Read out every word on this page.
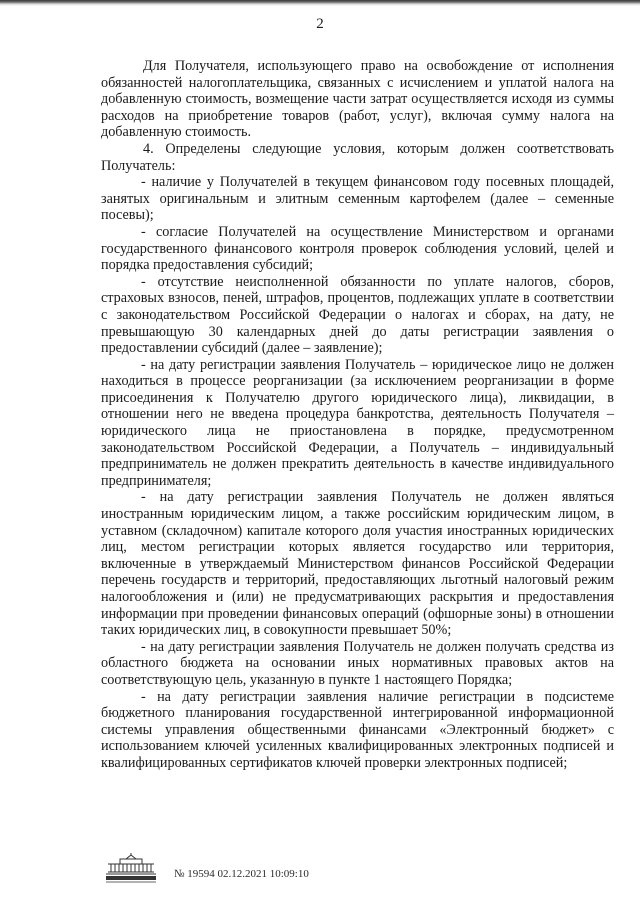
2

Для Получателя, использующего право на освобождение от исполнения обязанностей налогоплательщика, связанных с исчислением и уплатой налога на добавленную стоимость, возмещение части затрат осуществляется исходя из суммы расходов на приобретение товаров (работ, услуг), включая сумму налога на добавленную стоимость.

4. Определены следующие условия, которым должен соответствовать Получатель:

- наличие у Получателей в текущем финансовом году посевных площадей, занятых оригинальным и элитным семенным картофелем (далее – семенные посевы);

- согласие Получателей на осуществление Министерством и органами государственного финансового контроля проверок соблюдения условий, целей и порядка предоставления субсидий;

- отсутствие неисполненной обязанности по уплате налогов, сборов, страховых взносов, пеней, штрафов, процентов, подлежащих уплате в соответствии с законодательством Российской Федерации о налогах и сборах, на дату, не превышающую 30 календарных дней до даты регистрации заявления о предоставлении субсидий (далее – заявление);

- на дату регистрации заявления Получатель – юридическое лицо не должен находиться в процессе реорганизации (за исключением реорганизации в форме присоединения к Получателю другого юридического лица), ликвидации, в отношении него не введена процедура банкротства, деятельность Получателя – юридического лица не приостановлена в порядке, предусмотренном законодательством Российской Федерации, а Получатель – индивидуальный предприниматель не должен прекратить деятельность в качестве индивидуального предпринимателя;

- на дату регистрации заявления Получатель не должен являться иностранным юридическим лицом, а также российским юридическим лицом, в уставном (складочном) капитале которого доля участия иностранных юридических лиц, местом регистрации которых является государство или территория, включенные в утверждаемый Министерством финансов Российской Федерации перечень государств и территорий, предоставляющих льготный налоговый режим налогообложения и (или) не предусматривающих раскрытия и предоставления информации при проведении финансовых операций (офшорные зоны) в отношении таких юридических лиц, в совокупности превышает 50%;

- на дату регистрации заявления Получатель не должен получать средства из областного бюджета на основании иных нормативных правовых актов на соответствующую цель, указанную в пункте 1 настоящего Порядка;

- на дату регистрации заявления наличие регистрации в подсистеме бюджетного планирования государственной интегрированной информационной системы управления общественными финансами «Электронный бюджет» с использованием ключей усиленных квалифицированных электронных подписей и квалифицированных сертификатов ключей проверки электронных подписей;

№ 19594 02.12.2021 10:09:10
